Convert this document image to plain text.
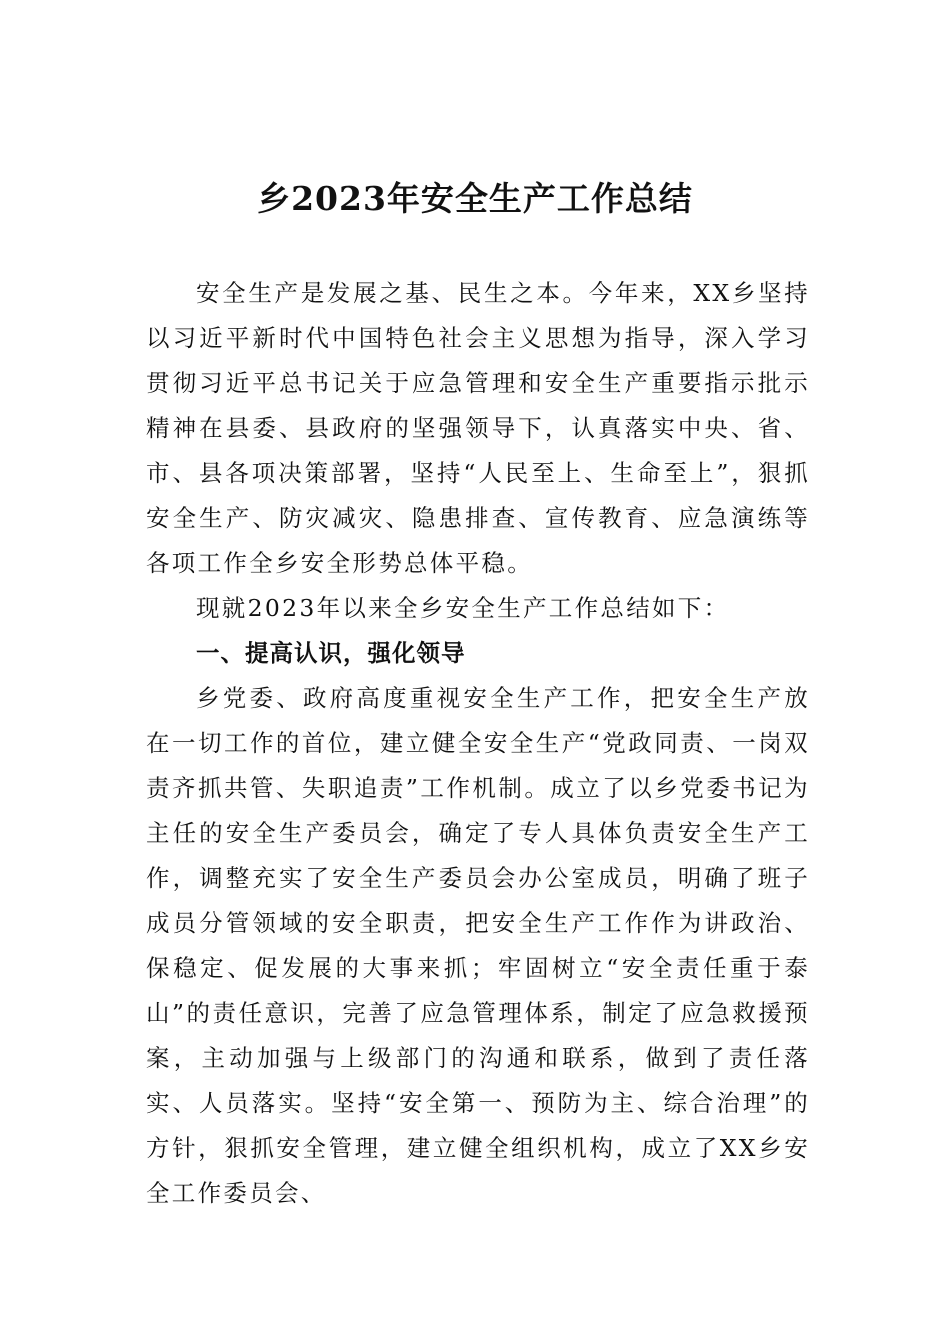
乡2023年安全生产工作总结

安全生产是发展之基、民生之本。今年来，XX乡坚持以习近平新时代中国特色社会主义思想为指导，深入学习贯彻习近平总书记关于应急管理和安全生产重要指示批示精神在县委、县政府的坚强领导下，认真落实中央、省、市、县各项决策部署，坚持“人民至上、生命至上”，狠抓安全生产、防灾减灾、隐患排查、宣传教育、应急演练等各项工作全乡安全形势总体平稳。

现就2023年以来全乡安全生产工作总结如下：

一、提高认识，强化领导

乡党委、政府高度重视安全生产工作，把安全生产放在一切工作的首位，建立健全安全生产“党政同责、一岗双责齐抓共管、失职追责”工作机制。成立了以乡党委书记为主任的安全生产委员会，确定了专人具体负责安全生产工作，调整充实了安全生产委员会办公室成员，明确了班子成员分管领域的安全职责，把安全生产工作作为讲政治、保稳定、促发展的大事来抓；牢固树立“安全责任重于泰山”的责任意识，完善了应急管理体系，制定了应急救援预案，主动加强与上级部门的沟通和联系，做到了责任落实、人员落实。坚持“安全第一、预防为主、综合治理”的方针，狠抓安全管理，建立健全组织机构，成立了XX乡安全工作委员会、
